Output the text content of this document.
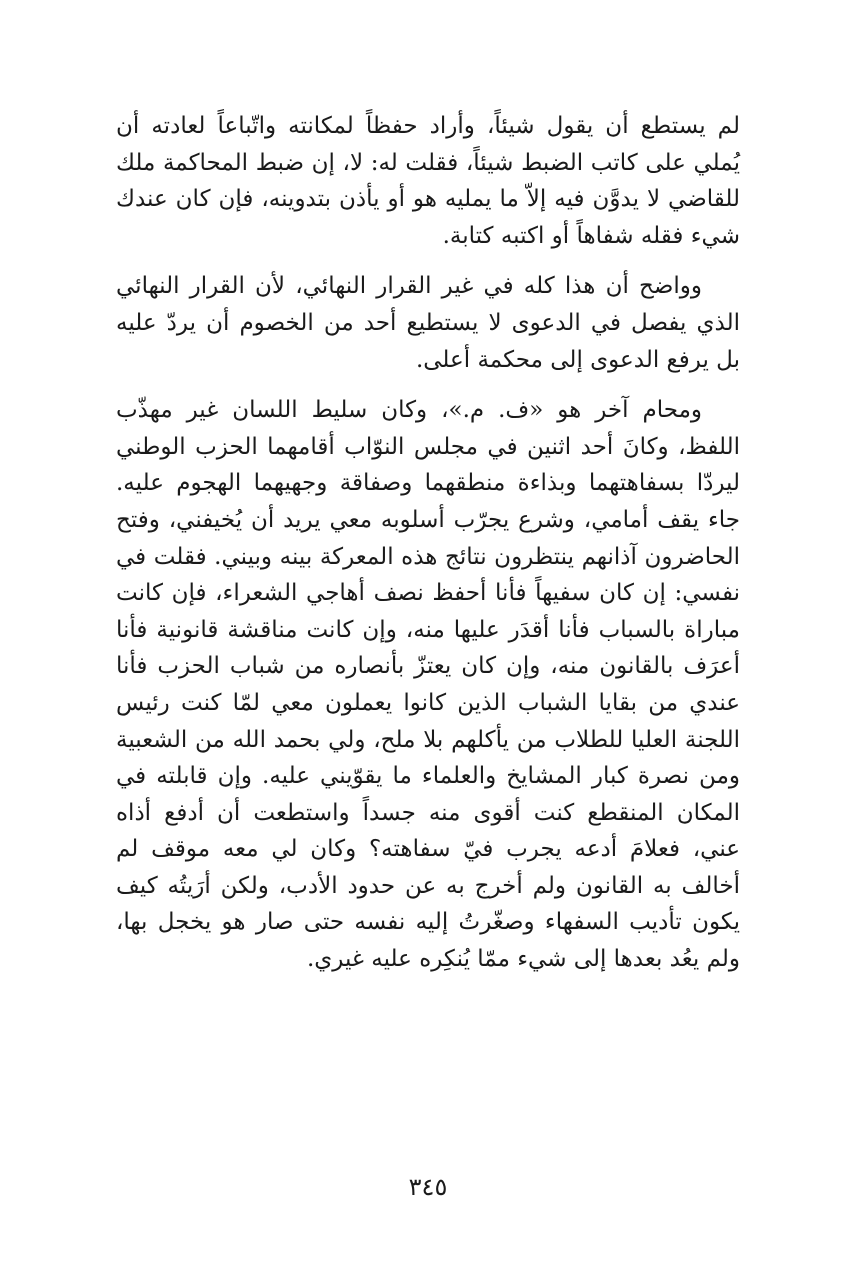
لم يستطع أن يقول شيئاً، وأراد حفظاً لمكانته واتّباعاً لعادته أن يُملي على كاتب الضبط شيئاً، فقلت له: لا، إن ضبط المحاكمة ملك للقاضي لا يدوَّن فيه إلاّ ما يمليه هو أو يأذن بتدوينه، فإن كان عندك شيء فقله شفاهاً أو اكتبه كتابة.

وواضح أن هذا كله في غير القرار النهائي، لأن القرار النهائي الذي يفصل في الدعوى لا يستطيع أحد من الخصوم أن يردّ عليه بل يرفع الدعوى إلى محكمة أعلى.

ومحام آخر هو «ف. م.»، وكان سليط اللسان غير مهذّب اللفظ، وكانَ أحد اثنين في مجلس النوّاب أقامهما الحزب الوطني ليردّا بسفاهتهما وبذاءة منطقهما وصفاقة وجهيهما الهجوم عليه. جاء يقف أمامي، وشرع يجرّب أسلوبه معي يريد أن يُخيفني، وفتح الحاضرون آذانهم ينتظرون نتائج هذه المعركة بينه وبيني. فقلت في نفسي: إن كان سفيهاً فأنا أحفظ نصف أهاجي الشعراء، فإن كانت مباراة بالسباب فأنا أقدَر عليها منه، وإن كانت مناقشة قانونية فأنا أعرَف بالقانون منه، وإن كان يعتزّ بأنصاره من شباب الحزب فأنا عندي من بقايا الشباب الذين كانوا يعملون معي لمّا كنت رئيس اللجنة العليا للطلاب من يأكلهم بلا ملح، ولي بحمد الله من الشعبية ومن نصرة كبار المشايخ والعلماء ما يقوّيني عليه. وإن قابلته في المكان المنقطع كنت أقوى منه جسداً واستطعت أن أدفع أذاه عني، فعلامَ أدعه يجرب فيّ سفاهته؟ وكان لي معه موقف لم أخالف به القانون ولم أخرج به عن حدود الأدب، ولكن أرَيتُه كيف يكون تأديب السفهاء وصغّرتُ إليه نفسه حتى صار هو يخجل بها، ولم يعُد بعدها إلى شيء ممّا يُنكِره عليه غيري.

٣٤٥
